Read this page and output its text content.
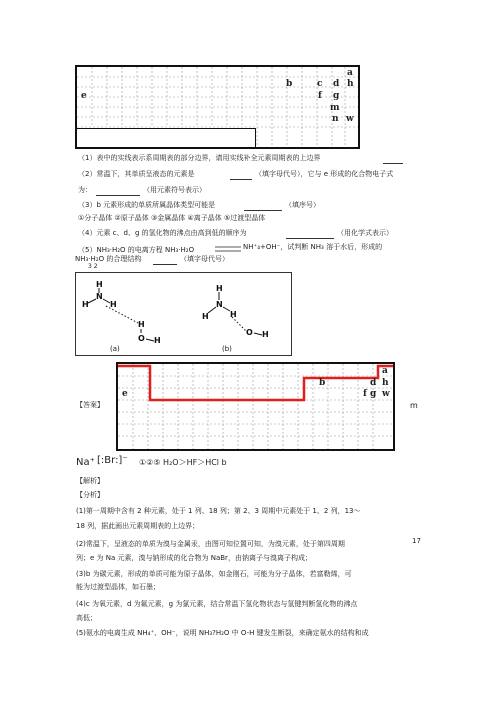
a
b	c d h
e	f g
m
n w
（1）表中的实线表示系周期表的部分边界，请用实线补全元素周期表的上边界
（2）常温下，其单质呈液态的元素是	（填字母代号），它与 e 形成的化合物电子式
为：	（用元素符号表示）
（3）b 元素形成的单质所属晶体类型可能是	（填序号）
①分子晶体 ②原子晶体 ③金属晶体 ④离子晶体 ⑤过渡型晶体
（4）元素 c、d、g 的氢化物的沸点由高到低的顺序为	（用化学式表示）
（5）NH₃·H₂O 的电离方程 NH₃·H₂O	NH⁺₄+OH⁻，试判断 NH₃ 溶于水后，形成的
NH₃·H₂O 的合理结构	（填字母代号）
3 2
H
N
H	H
H
O H
H
N
H	H
H
O
(a)	(b)
【答案】
e
b
f
a
d h
g w
m
Na⁺ [:Br:]⁻ ①②⑤ H₂O＞HF＞HCl b
【解析】
【分析】
(1)第一周期中含有 2 种元素，处于 1 列、18 列；第 2、3 周期中元素处于 1、2 列，13～
18 列，据此画出元素周期表的上边界；
(2)常温下，呈液态的单质为溴与金属汞，由图可知位置可知，为溴元素，处于第四周期	17
列；e 为 Na 元素，溴与钠形成的化合物为 NaBr，由钠离子与溴离子构成；
(3)b 为碳元素，形成的单质可能为原子晶体，如金刚石，可能为分子晶体，若富勒烯，可
能为过渡型晶体，如石墨；
(4)c 为氧元素，d 为氟元素，g 为氯元素，结合常温下氢化物状态与氢键判断氢化物的沸点
高低；
(5)氨水的电离生成 NH₄⁺、OH⁻，说明 NH₃?H₂O 中 O-H 键发生断裂，来确定氨水的结构和成
